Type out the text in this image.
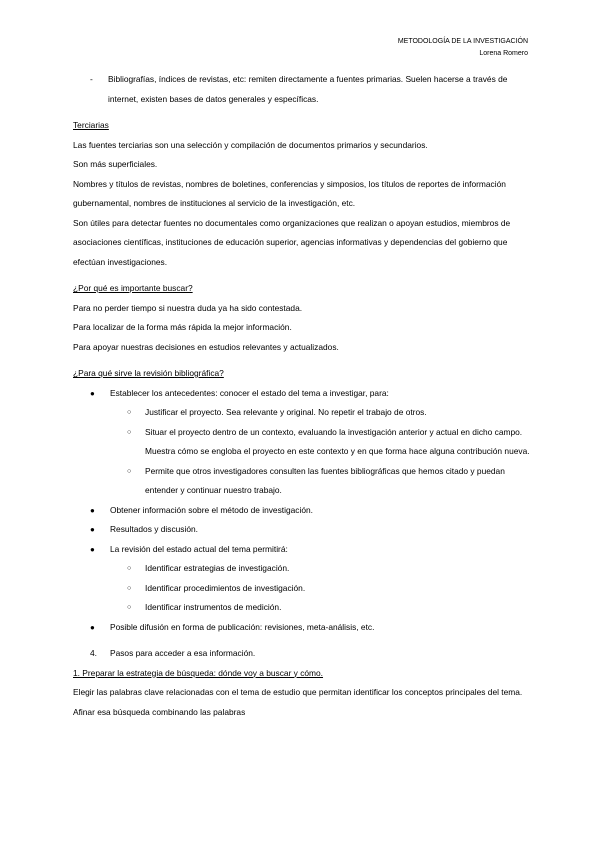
METODOLOGÍA DE LA INVESTIGACIÓN
Lorena Romero

- Bibliografías, índices de revistas, etc: remiten directamente a fuentes primarias. Suelen hacerse a través de internet, existen bases de datos generales y específicas.

Terciarias

Las fuentes terciarias son una selección y compilación de documentos primarios y secundarios.

Son más superficiales.

Nombres y títulos de revistas, nombres de boletines, conferencias y simposios, los títulos de reportes de información gubernamental, nombres de instituciones al servicio de la investigación, etc.

Son útiles para detectar fuentes no documentales como organizaciones que realizan o apoyan estudios, miembros de asociaciones científicas, instituciones de educación superior, agencias informativas y dependencias del gobierno que efectúan investigaciones.

¿Por qué es importante buscar?

Para no perder tiempo si nuestra duda ya ha sido contestada.

Para localizar de la forma más rápida la mejor información.

Para apoyar nuestras decisiones en estudios relevantes y actualizados.

¿Para qué sirve la revisión bibliográfica?

● Establecer los antecedentes: conocer el estado del tema a investigar, para:
○ Justificar el proyecto. Sea relevante y original. No repetir el trabajo de otros.
○ Situar el proyecto dentro de un contexto, evaluando la investigación anterior y actual en dicho campo. Muestra cómo se engloba el proyecto en este contexto y en que forma hace alguna contribución nueva.
○ Permite que otros investigadores consulten las fuentes bibliográficas que hemos citado y puedan entender y continuar nuestro trabajo.
● Obtener información sobre el método de investigación.
● Resultados y discusión.
● La revisión del estado actual del tema permitirá:
○ Identificar estrategias de investigación.
○ Identificar procedimientos de investigación.
○ Identificar instrumentos de medición.
● Posible difusión en forma de publicación: revisiones, meta-análisis, etc.

4. Pasos para acceder a esa información.

1. Preparar la estrategia de búsqueda: dónde voy a buscar y cómo.

Elegir las palabras clave relacionadas con el tema de estudio que permitan identificar los conceptos principales del tema. Afinar esa búsqueda combinando las palabras
